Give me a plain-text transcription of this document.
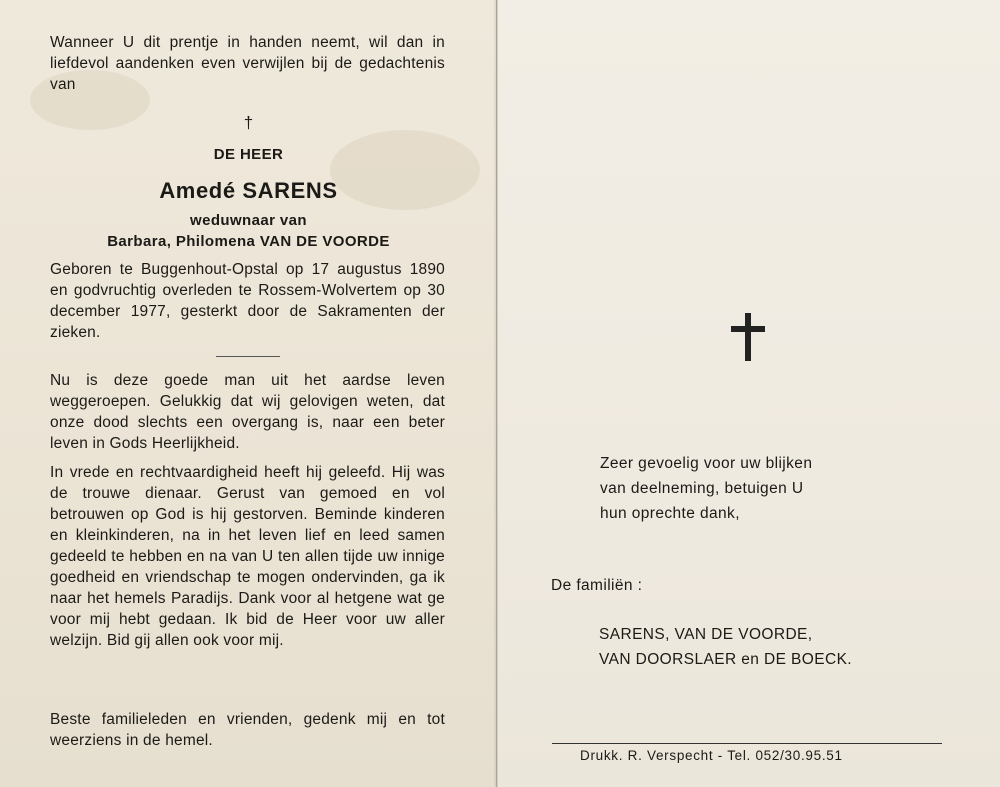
Wanneer U dit prentje in handen neemt, wil dan in liefdevol aandenken even verwijlen bij de gedachtenis van
†
DE HEER
Amedé SARENS
weduwnaar van
Barbara, Philomena VAN DE VOORDE
Geboren te Buggenhout-Opstal op 17 augustus 1890 en godvruchtig overleden te Rossem-Wolvertem op 30 december 1977, gesterkt door de Sakramenten der zieken.
Nu is deze goede man uit het aardse leven weggeroepen. Gelukkig dat wij gelovigen weten, dat onze dood slechts een overgang is, naar een beter leven in Gods Heerlijkheid.
In vrede en rechtvaardigheid heeft hij geleefd. Hij was de trouwe dienaar. Gerust van gemoed en vol betrouwen op God is hij gestorven. Beminde kinderen en kleinkinderen, na in het leven lief en leed samen gedeeld te hebben en na van U ten allen tijde uw innige goedheid en vriendschap te mogen ondervinden, ga ik naar het hemels Paradijs. Dank voor al hetgene wat ge voor mij hebt gedaan. Ik bid de Heer voor uw aller welzijn. Bid gij allen ook voor mij.
Beste familieleden en vrienden, gedenk mij en tot weerziens in de hemel.
Zeer gevoelig voor uw blijken
van deelneming, betuigen U
hun oprechte dank,
De familiën :
SARENS, VAN DE VOORDE,
VAN DOORSLAER en DE BOECK.
Drukk. R. Verspecht - Tel. 052/30.95.51
